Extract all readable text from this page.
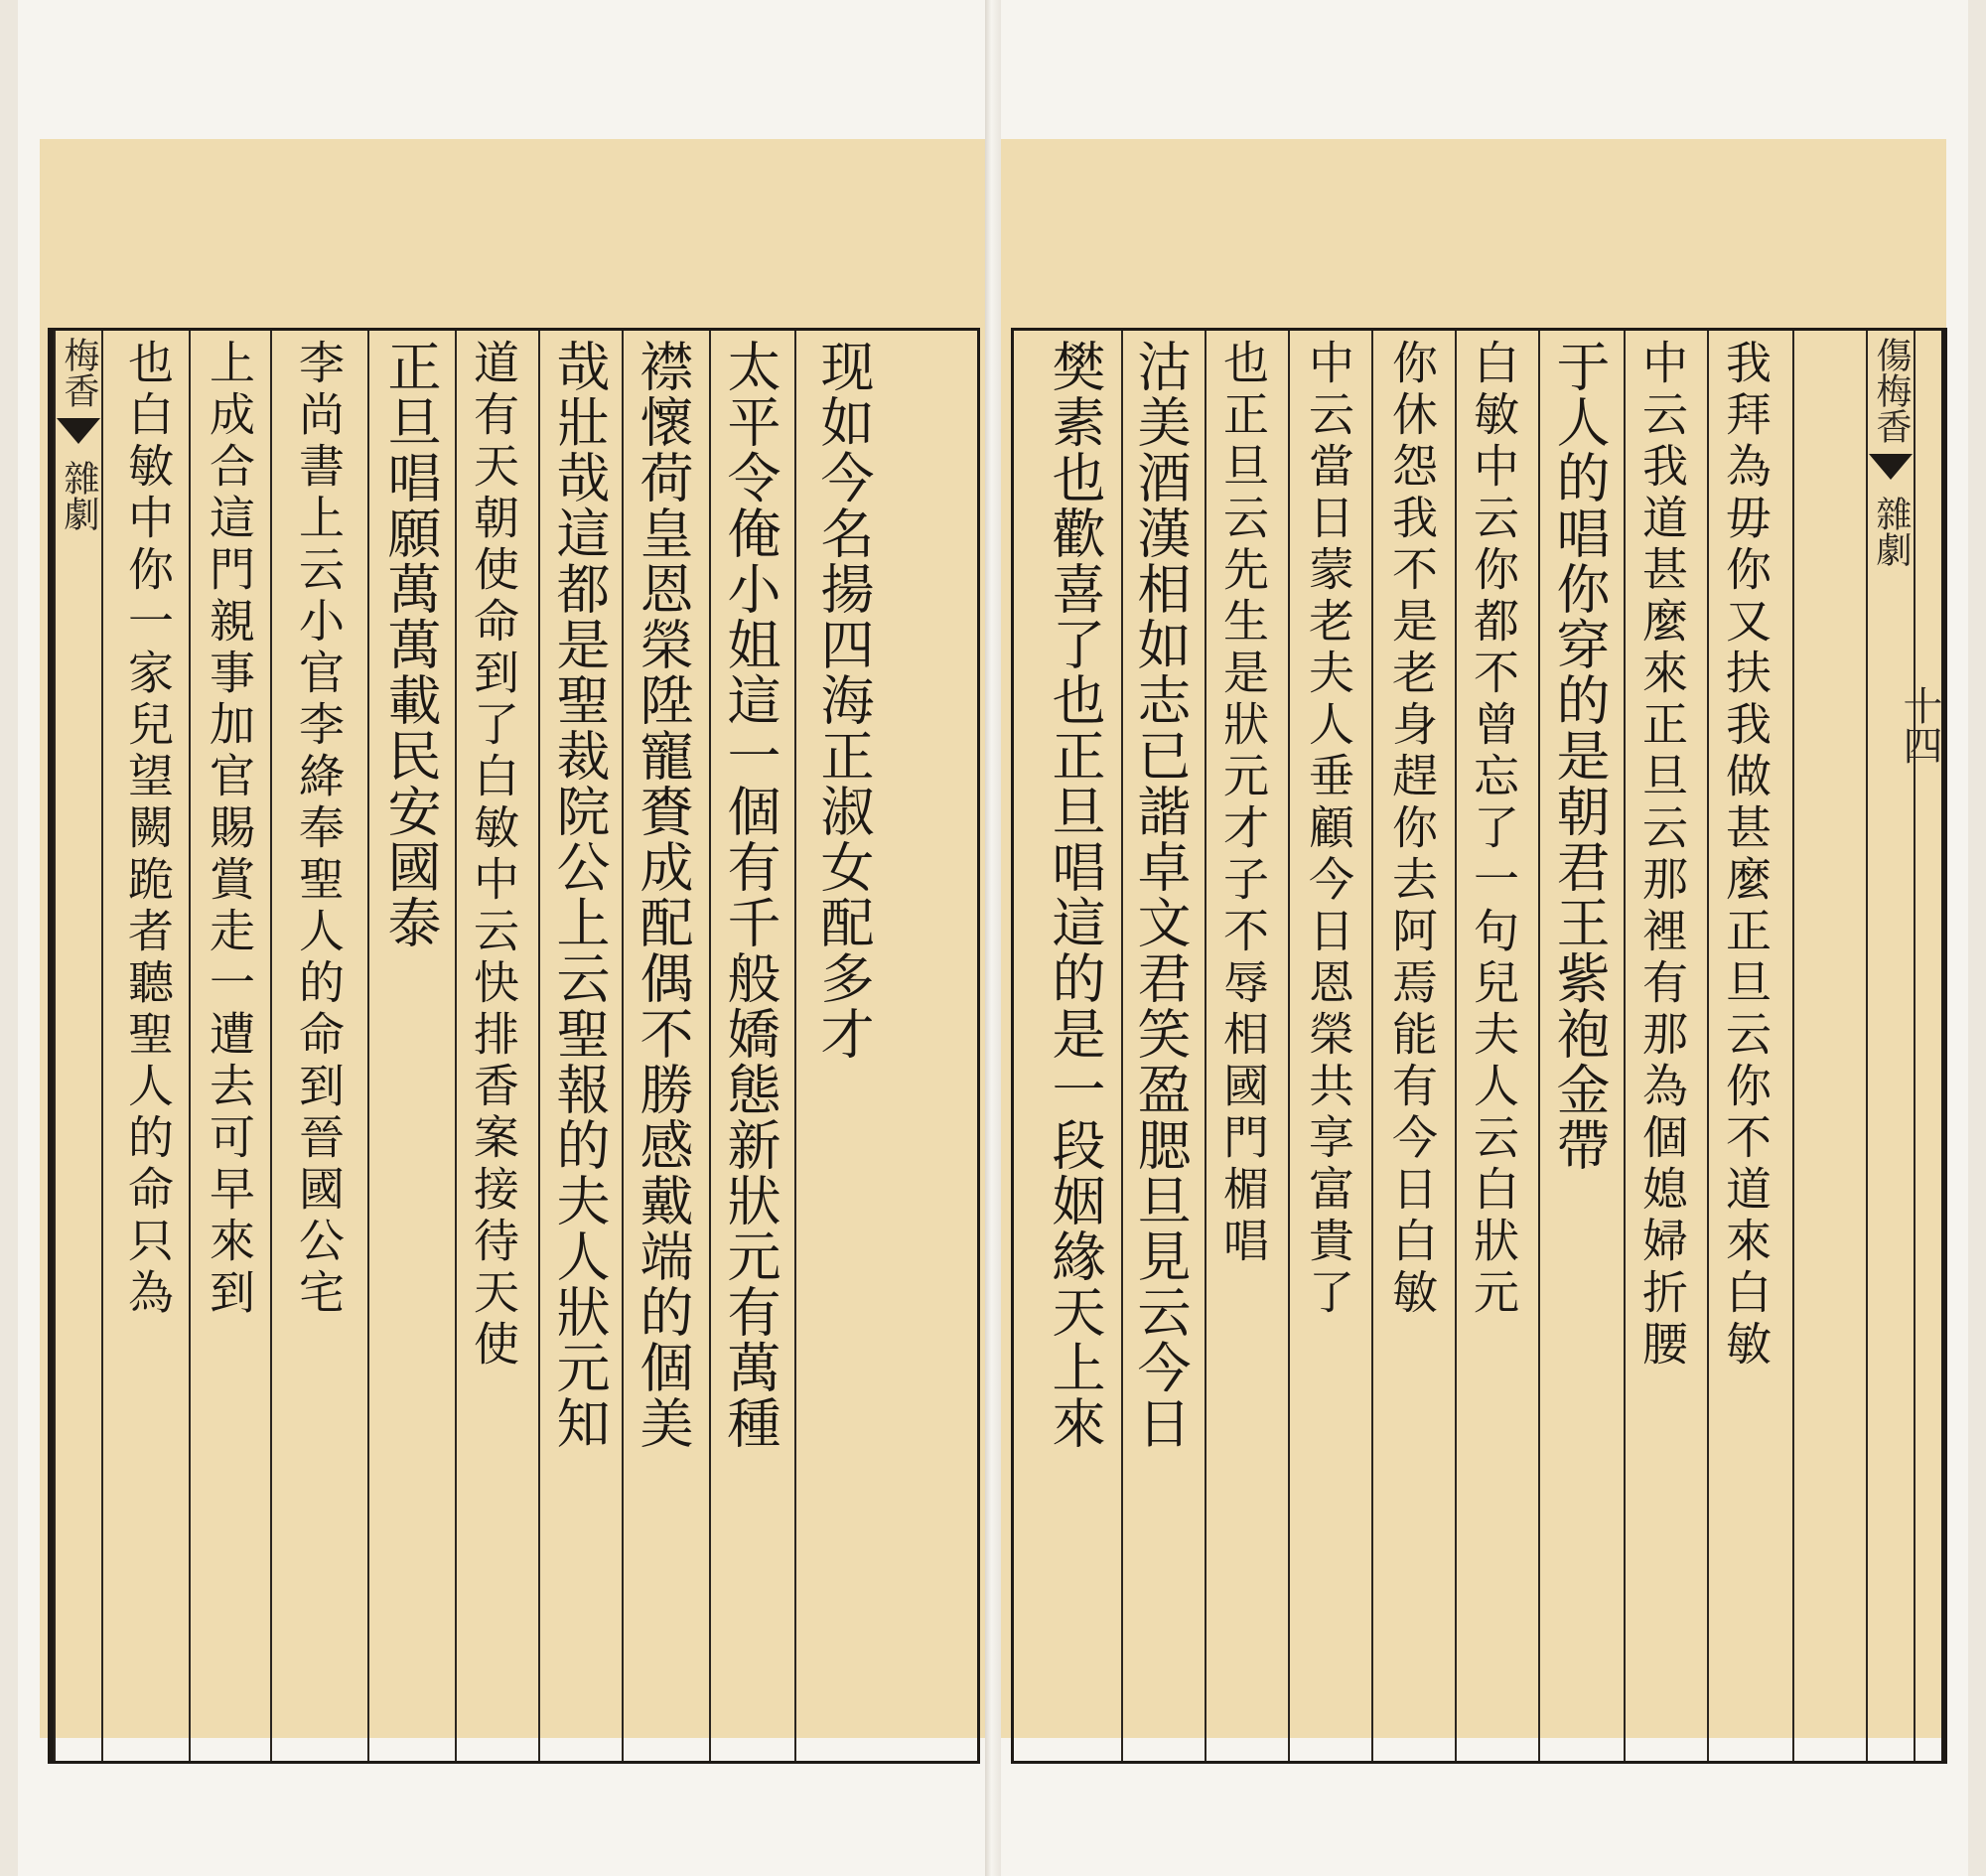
梅香
雜劇 也白敏中你一家兒望闕跪者聽聖人的命只為 上成合這門親事加官賜賞走一遭去可早來到 李尚書上云小官李絳奉聖人的命到晉國公宅 正旦唱願萬萬載民安國泰 道有天朝使命到了白敏中云快排香案接待天使 哉壯哉這都是聖裁院公上云聖報的夫人狀元知 襟懷荷皇恩榮陞寵賚成配偶不勝感戴端的個美 太平令俺小姐這一個有千般嬌態新狀元有萬種 现如今名揚四海正淑女配多才	樊素也歡喜了也正旦唱這的是一段姻緣天上來 沽美酒漢相如志已諧卓文君笑盈腮旦見云今日 也正旦云先生是狀元才子不辱相國門楣唱 中云當日蒙老夫人垂顧今日恩榮共享富貴了 你休怨我不是老身趕你去阿焉能有今日白敏 白敏中云你都不曾忘了一句兒夫人云白狀元 于人的唱你穿的是朝君王紫袍金帶 中云我道甚麼來正旦云那裡有那為個媳婦折腰 我拜為毋你又扶我做甚麼正旦云你不道來白敏	傷梅香
雜劇
十四
